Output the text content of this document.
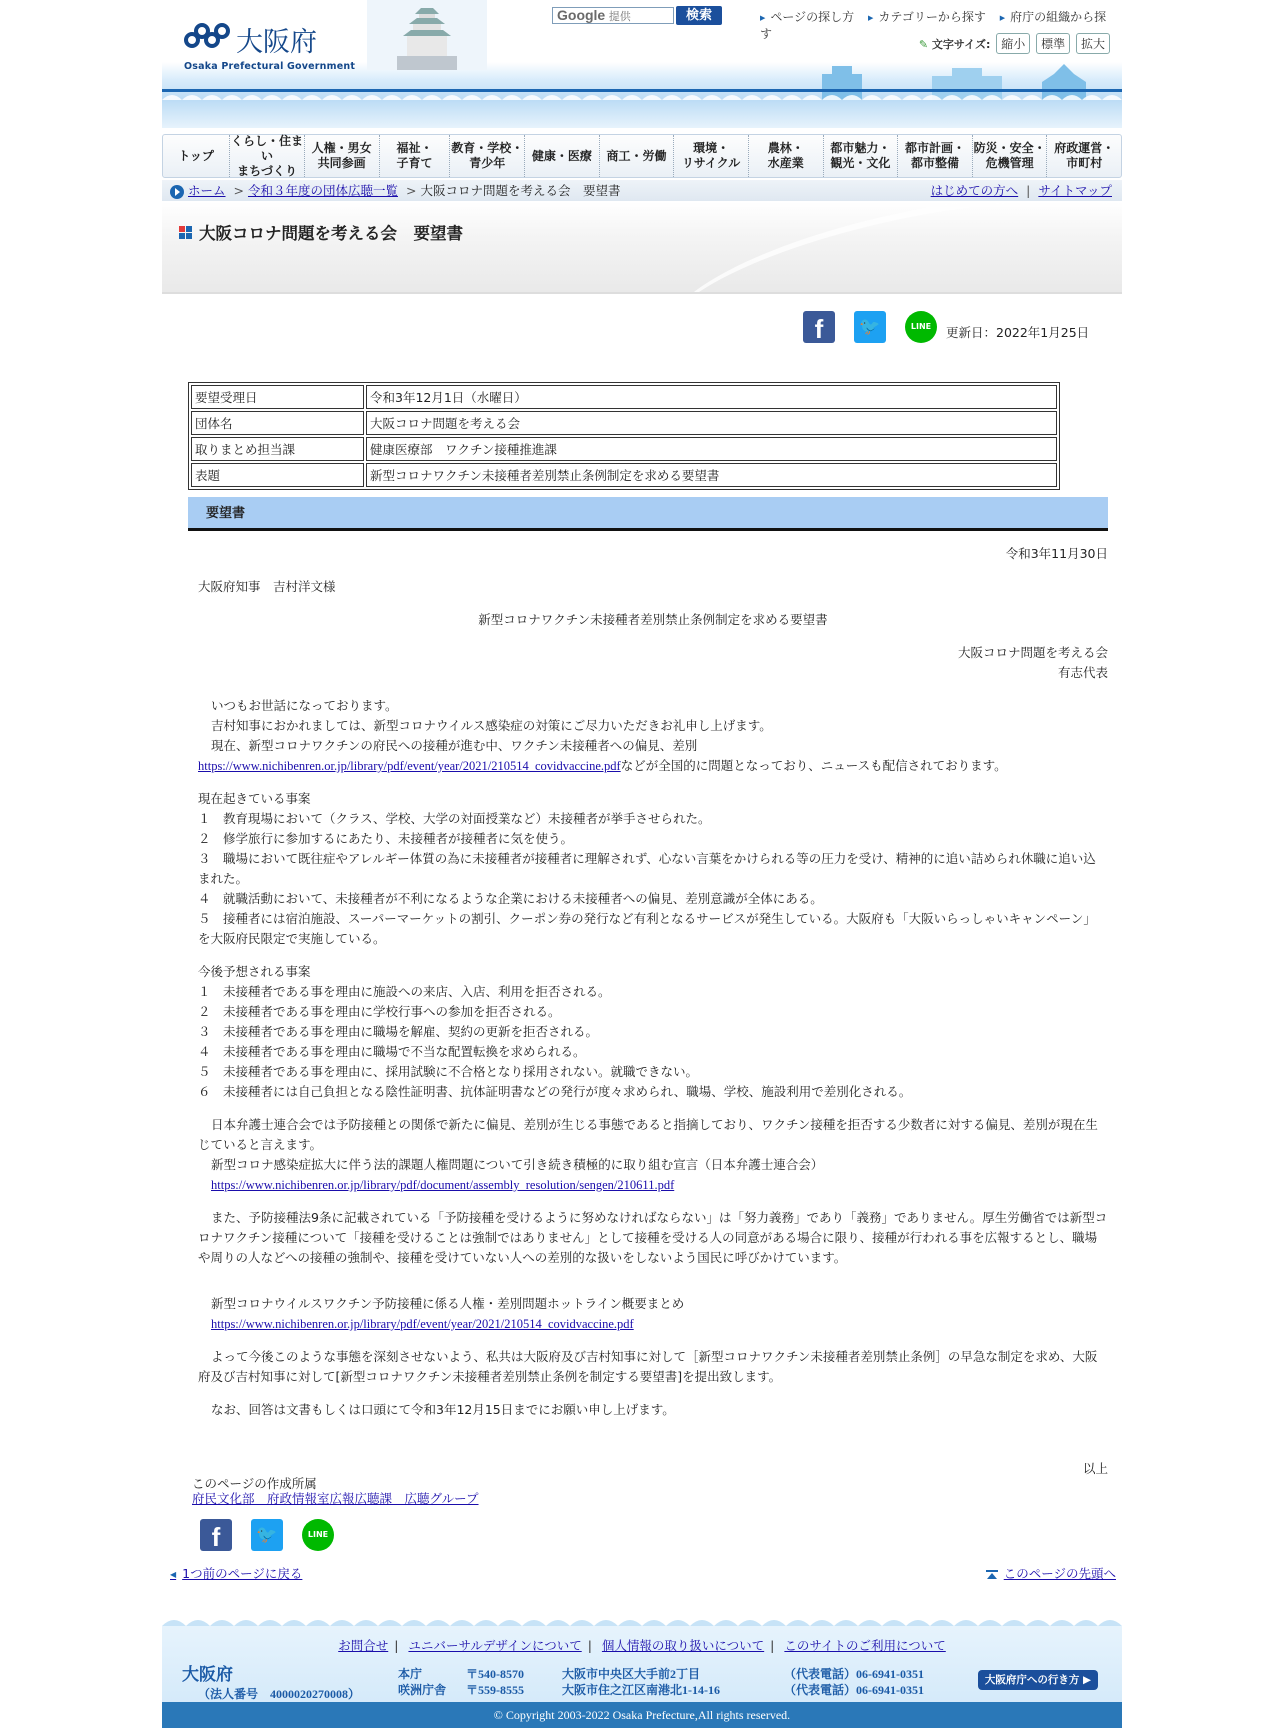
大阪府
Osaka Prefectural Government
Google 提供	検索	▶ ページの探し方 ▶ カテゴリーから探す ▶ 府庁の組織から探す
✎ 文字サイズ: 縮小 標準 拡大
トップ
くらし・住まい
まちづくり
人権・男女
共同参画
福祉・
子育て
教育・学校・
青少年
健康・医療	商工・労働
環境・
リサイクル
農林・
水産業
都市魅力・
観光・文化
都市計画・
都市整備
防災・安全・
危機管理
府政運営・
市町村
ホーム > 令和３年度の団体広聴一覧 > 大阪コロナ問題を考える会　要望書	はじめての方へ | サイトマップ
大阪コロナ問題を考える会　要望書
f	🐦	LINE	更新日：2022年1月25日
要望受理日	令和3年12月1日（水曜日）
団体名	大阪コロナ問題を考える会
取りまとめ担当課	健康医療部　ワクチン接種推進課
表題	新型コロナワクチン未接種者差別禁止条例制定を求める要望書
要望書

令和3年11月30日

大阪府知事　吉村洋文様

新型コロナワクチン未接種者差別禁止条例制定を求める要望書

大阪コロナ問題を考える会

有志代表

いつもお世話になっております。

吉村知事におかれましては、新型コロナウイルス感染症の対策にご尽力いただきお礼申し上げます。

現在、新型コロナワクチンの府民への接種が進む中、ワクチン未接種者への偏見、差別

https://www.nichibenren.or.jp/library/pdf/event/year/2021/210514_covidvaccine.pdfなどが全国的に問題となっており、ニュースも配信されております。

現在起きている事案

１　教育現場において（クラス、学校、大学の対面授業など）未接種者が挙手させられた。

２　修学旅行に参加するにあたり、未接種者が接種者に気を使う。

３　職場において既往症やアレルギー体質の為に未接種者が接種者に理解されず、心ない言葉をかけられる等の圧力を受け、精神的に追い詰められ休職に追い込まれた。

４　就職活動において、未接種者が不利になるような企業における未接種者への偏見、差別意識が全体にある。

５　接種者には宿泊施設、スーパーマーケットの割引、クーポン券の発行など有利となるサービスが発生している。大阪府も「大阪いらっしゃいキャンペーン」を大阪府民限定で実施している。

今後予想される事案

１　未接種者である事を理由に施設への来店、入店、利用を拒否される。

２　未接種者である事を理由に学校行事への参加を拒否される。

３　未接種者である事を理由に職場を解雇、契約の更新を拒否される。

４　未接種者である事を理由に職場で不当な配置転換を求められる。

５　未接種者である事を理由に、採用試験に不合格となり採用されない。就職できない。

６　未接種者には自己負担となる陰性証明書、抗体証明書などの発行が度々求められ、職場、学校、施設利用で差別化される。

日本弁護士連合会では予防接種との関係で新たに偏見、差別が生じる事態であると指摘しており、ワクチン接種を拒否する少数者に対する偏見、差別が現在生じていると言えます。

新型コロナ感染症拡大に伴う法的課題人権問題について引き続き積極的に取り組む宣言（日本弁護士連合会）

https://www.nichibenren.or.jp/library/pdf/document/assembly_resolution/sengen/210611.pdf

また、予防接種法9条に記載されている「予防接種を受けるように努めなければならない」は「努力義務」であり「義務」でありません。厚生労働省では新型コロナワクチン接種について「接種を受けることは強制ではありません」として接種を受ける人の同意がある場合に限り、接種が行われる事を広報するとし、職場や周りの人などへの接種の強制や、接種を受けていない人への差別的な扱いをしないよう国民に呼びかけています。

新型コロナウイルスワクチン予防接種に係る人権・差別問題ホットライン概要まとめ

https://www.nichibenren.or.jp/library/pdf/event/year/2021/210514_covidvaccine.pdf

よって今後このような事態を深刻させないよう、私共は大阪府及び吉村知事に対して［新型コロナワクチン未接種者差別禁止条例］の早急な制定を求め、大阪府及び吉村知事に対して[新型コロナワクチン未接種者差別禁止条例を制定する要望書]を提出致します。

なお、回答は文書もしくは口頭にて令和3年12月15日までにお願い申し上げます。

以上

このページの作成所属

府民文化部　府政情報室広報広聴課　広聴グループ
f	🐦	LINE
◀ 1つ前のページに戻る	このページの先頭へ
お問合せ | ユニバーサルデザインについて | 個人情報の取り扱いについて | このサイトのご利用について
大阪府
（法人番号　4000020270008）
本庁	〒540-8570	大阪市中央区大手前2丁目	（代表電話）06-6941-0351
咲洲庁舎 〒559-8555	大阪市住之江区南港北1-14-16	（代表電話）06-6941-0351
大阪府庁への行き方 ▶
© Copyright 2003-2022 Osaka Prefecture,All rights reserved.
